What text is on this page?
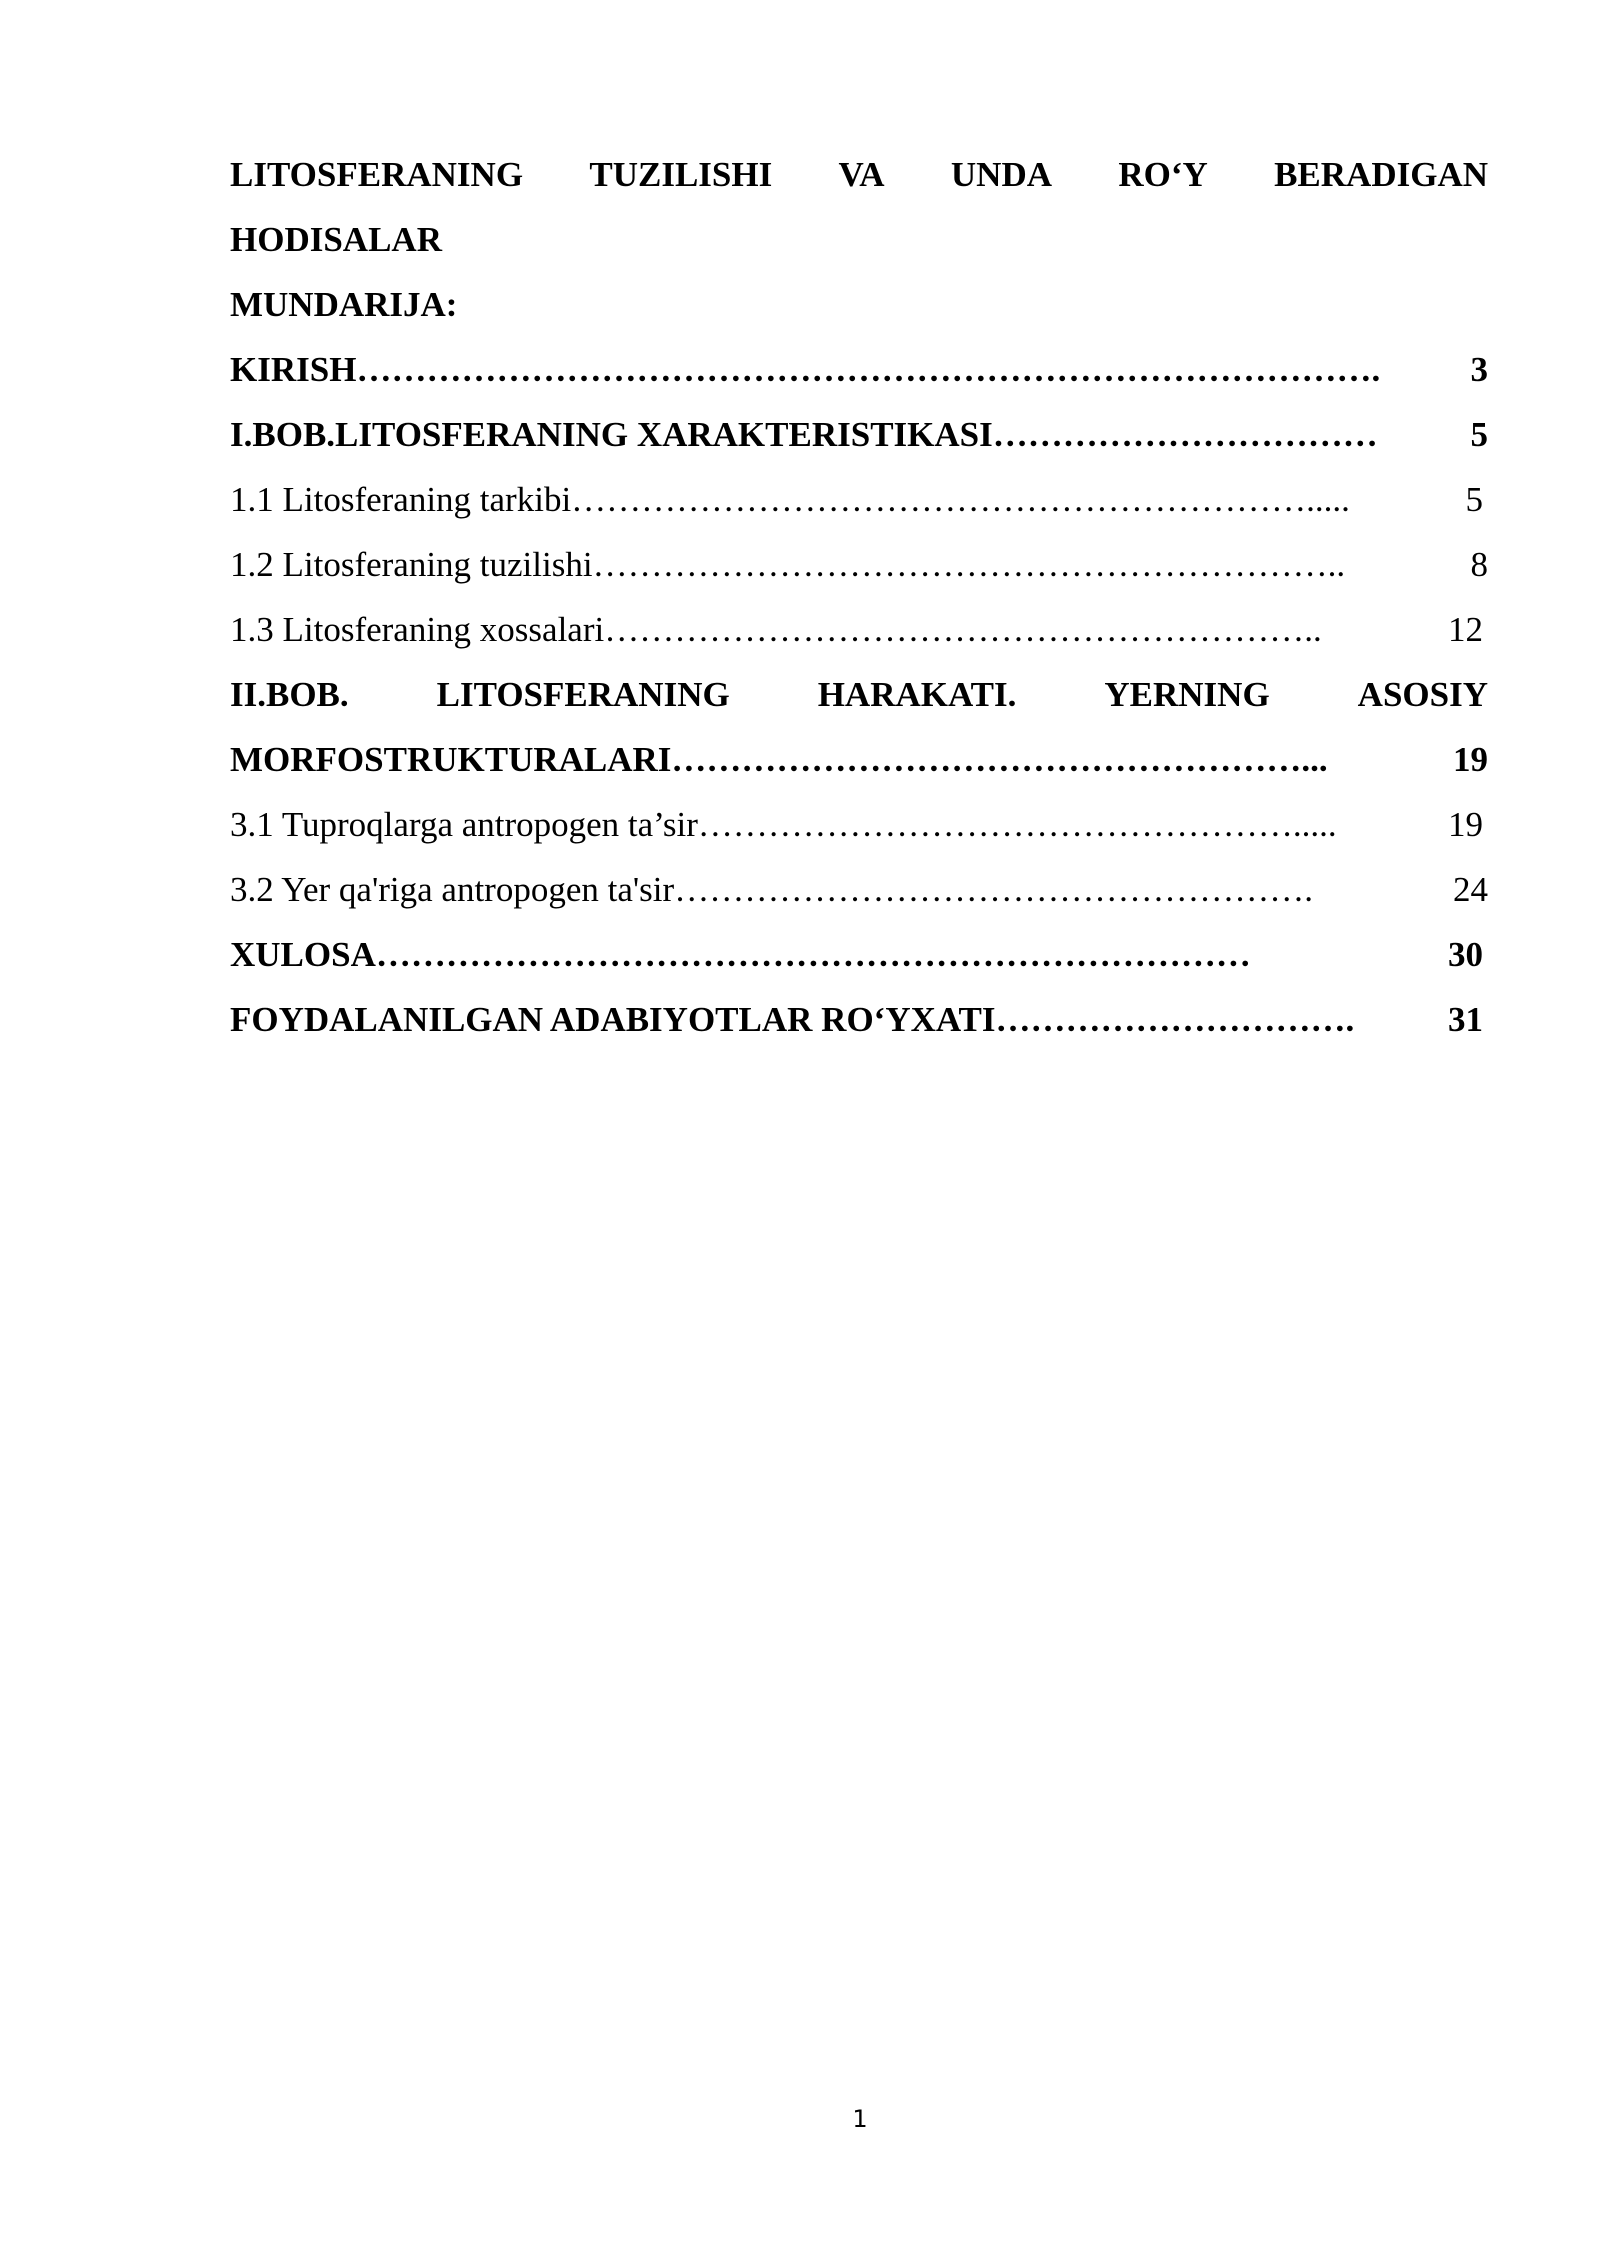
LITOSFERANING TUZILISHI VA UNDA RO‘Y BERADIGAN
HODISALAR
MUNDARIJA:
KIRISH …………………………………………………………………………….	3
I.BOB.LITOSFERANING XARAKTERISTIKASI ……………………………	5
1.1 Litosferaning tarkibi ……………………………………………………….....	5
1.2 Litosferaning tuzilishi ………………………………………………………..	8
1.3 Litosferaning xossalari ……………………………………………………..	12
II.BOB.	LITOSFERANING	HARAKATI.	YERNING	ASOSIY
MORFOSTRUKTURALARI ………………………………………………...	19
3.1 Tuproqlarga antropogen ta’sir …………………………………………….....	19
3.2 Yer qa'riga antropogen ta'sir ……………………………………………….	24
XULOSA …………………………………………………………………	30
FOYDALANILGAN ADABIYOTLAR RO‘YXATI ………………………….	31
1
